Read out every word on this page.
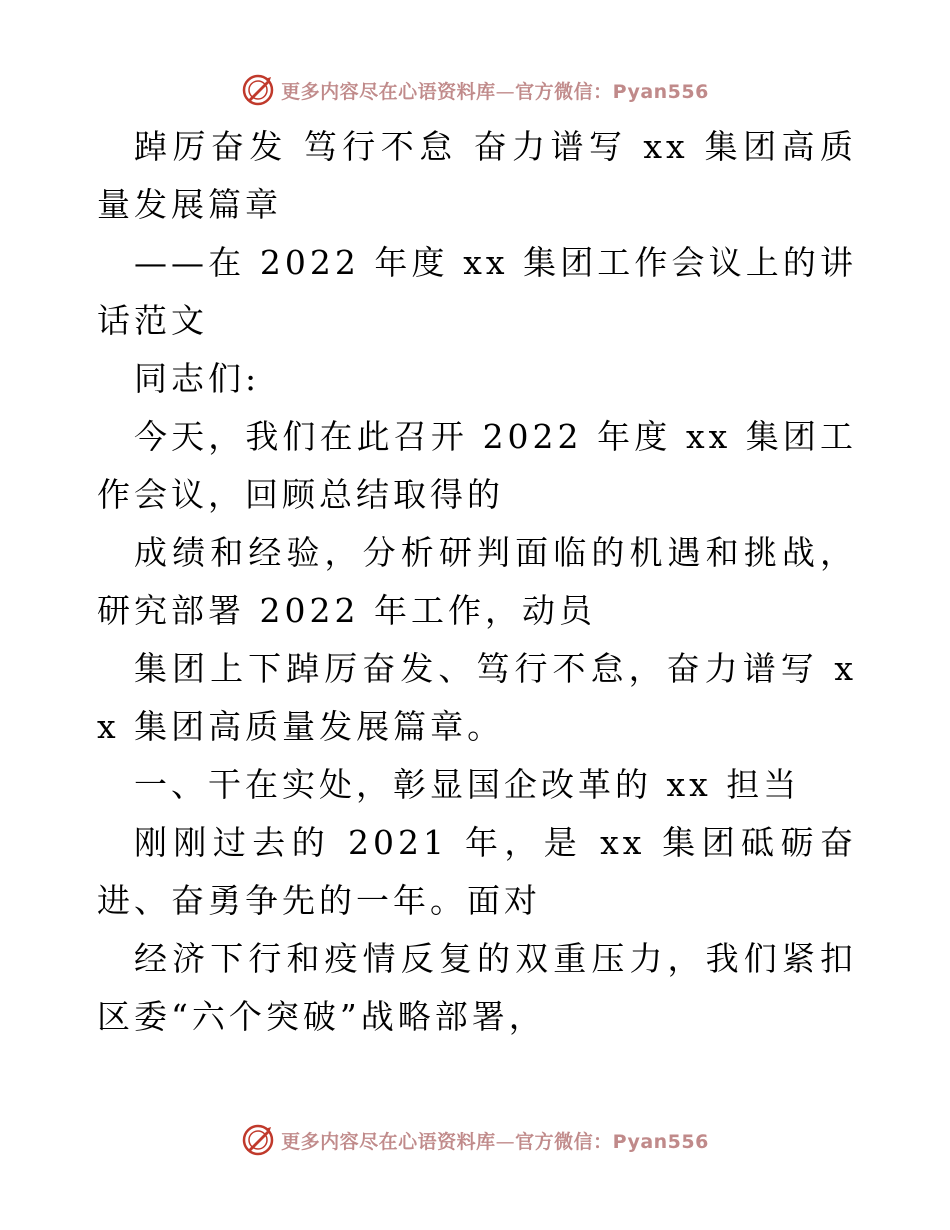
更多内容尽在心语资料库—官方微信：Pyan556

踔厉奋发 笃行不怠 奋力谱写 xx 集团高质量发展篇章

——在 2022 年度 xx 集团工作会议上的讲话范文

同志们:

今天，我们在此召开 2022 年度 xx 集团工作会议，回顾总结取得的

成绩和经验，分析研判面临的机遇和挑战，研究部署 2022 年工作，动员

集团上下踔厉奋发、笃行不怠，奋力谱写 xx 集团高质量发展篇章。

一、干在实处，彰显国企改革的 xx 担当

刚刚过去的 2021 年，是 xx 集团砥砺奋进、奋勇争先的一年。面对

经济下行和疫情反复的双重压力，我们紧扣区委“六个突破”战略部署，

更多内容尽在心语资料库—官方微信：Pyan556
